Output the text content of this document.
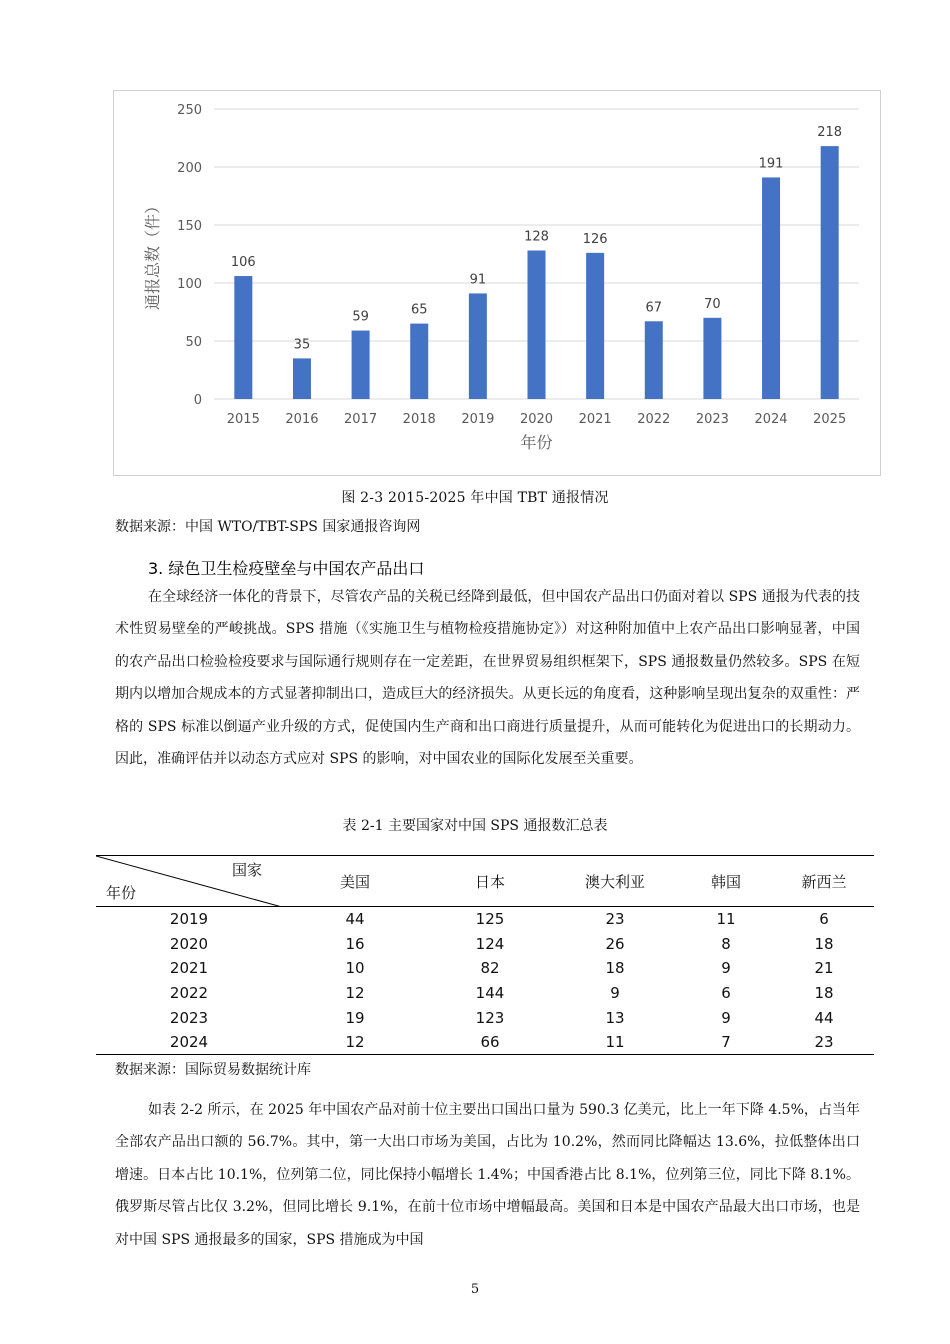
0
50
100
150
200
250
106
2015
35
2016
59
2017
65
2018
91
2019
128
2020
126
2021
67
2022
70
2023
191
2024
218
2025
年份
通报总数（件）
图 2-3 2015-2025 年中国 TBT 通报情况
数据来源：中国 WTO/TBT-SPS 国家通报咨询网
3. 绿色卫生检疫壁垒与中国农产品出口

在全球经济一体化的背景下，尽管农产品的关税已经降到最低，但中国农产品出口仍面对着以 SPS 通报为代表的技术性贸易壁垒的严峻挑战。SPS 措施（《实施卫生与植物检疫措施协定》）对这种附加值中上农产品出口影响显著，中国的农产品出口检验检疫要求与国际通行规则存在一定差距，在世界贸易组织框架下，SPS 通报数量仍然较多。SPS 在短期内以增加合规成本的方式显著抑制出口，造成巨大的经济损失。从更长远的角度看，这种影响呈现出复杂的双重性：严格的 SPS 标准以倒逼产业升级的方式，促使国内生产商和出口商进行质量提升，从而可能转化为促进出口的长期动力。因此，准确评估并以动态方式应对 SPS 的影响，对中国农业的国际化发展至关重要。

表 2-1 主要国家对中国 SPS 通报数汇总表
国家
年份	美国	日本	澳大利亚	韩国	新西兰
2019	44	125	23	11	6
2020	16	124	26	8	18
2021	10	82	18	9	21
2022	12	144	9	6	18
2023	19	123	13	9	44
2024	12	66	11	7	23
数据来源：国际贸易数据统计库

如表 2-2 所示，在 2025 年中国农产品对前十位主要出口国出口量为 590.3 亿美元，比上一年下降 4.5%，占当年全部农产品出口额的 56.7%。其中，第一大出口市场为美国，占比为 10.2%，然而同比降幅达 13.6%，拉低整体出口增速。日本占比 10.1%，位列第二位，同比保持小幅增长 1.4%；中国香港占比 8.1%，位列第三位，同比下降 8.1%。俄罗斯尽管占比仅 3.2%，但同比增长 9.1%，在前十位市场中增幅最高。美国和日本是中国农产品最大出口市场，也是对中国 SPS 通报最多的国家，SPS 措施成为中国

5
